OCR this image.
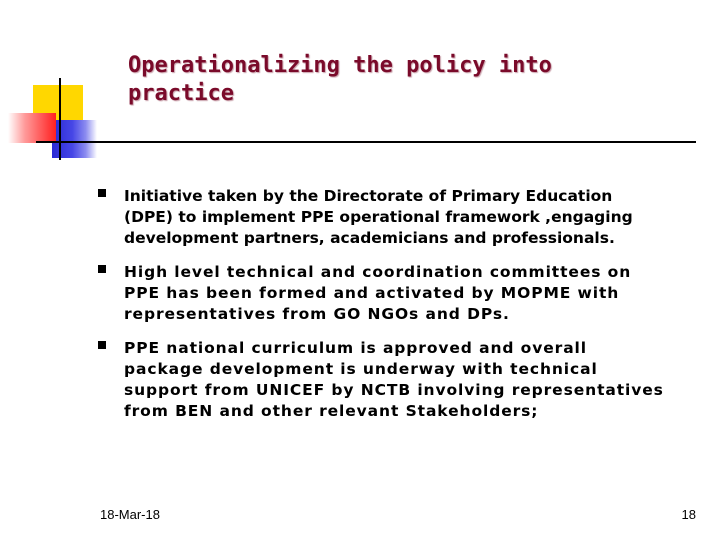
Operationalizing the policy into practice

Initiative taken by the Directorate of Primary Education (DPE) to implement PPE operational framework ,engaging development partners, academicians and professionals.

High level technical and coordination committees on PPE has been formed and activated by MOPME with representatives from GO NGOs and DPs.

PPE national curriculum is approved and overall package development is underway with technical support from UNICEF by NCTB involving representatives from BEN and other relevant Stakeholders;

18-Mar-18	18
